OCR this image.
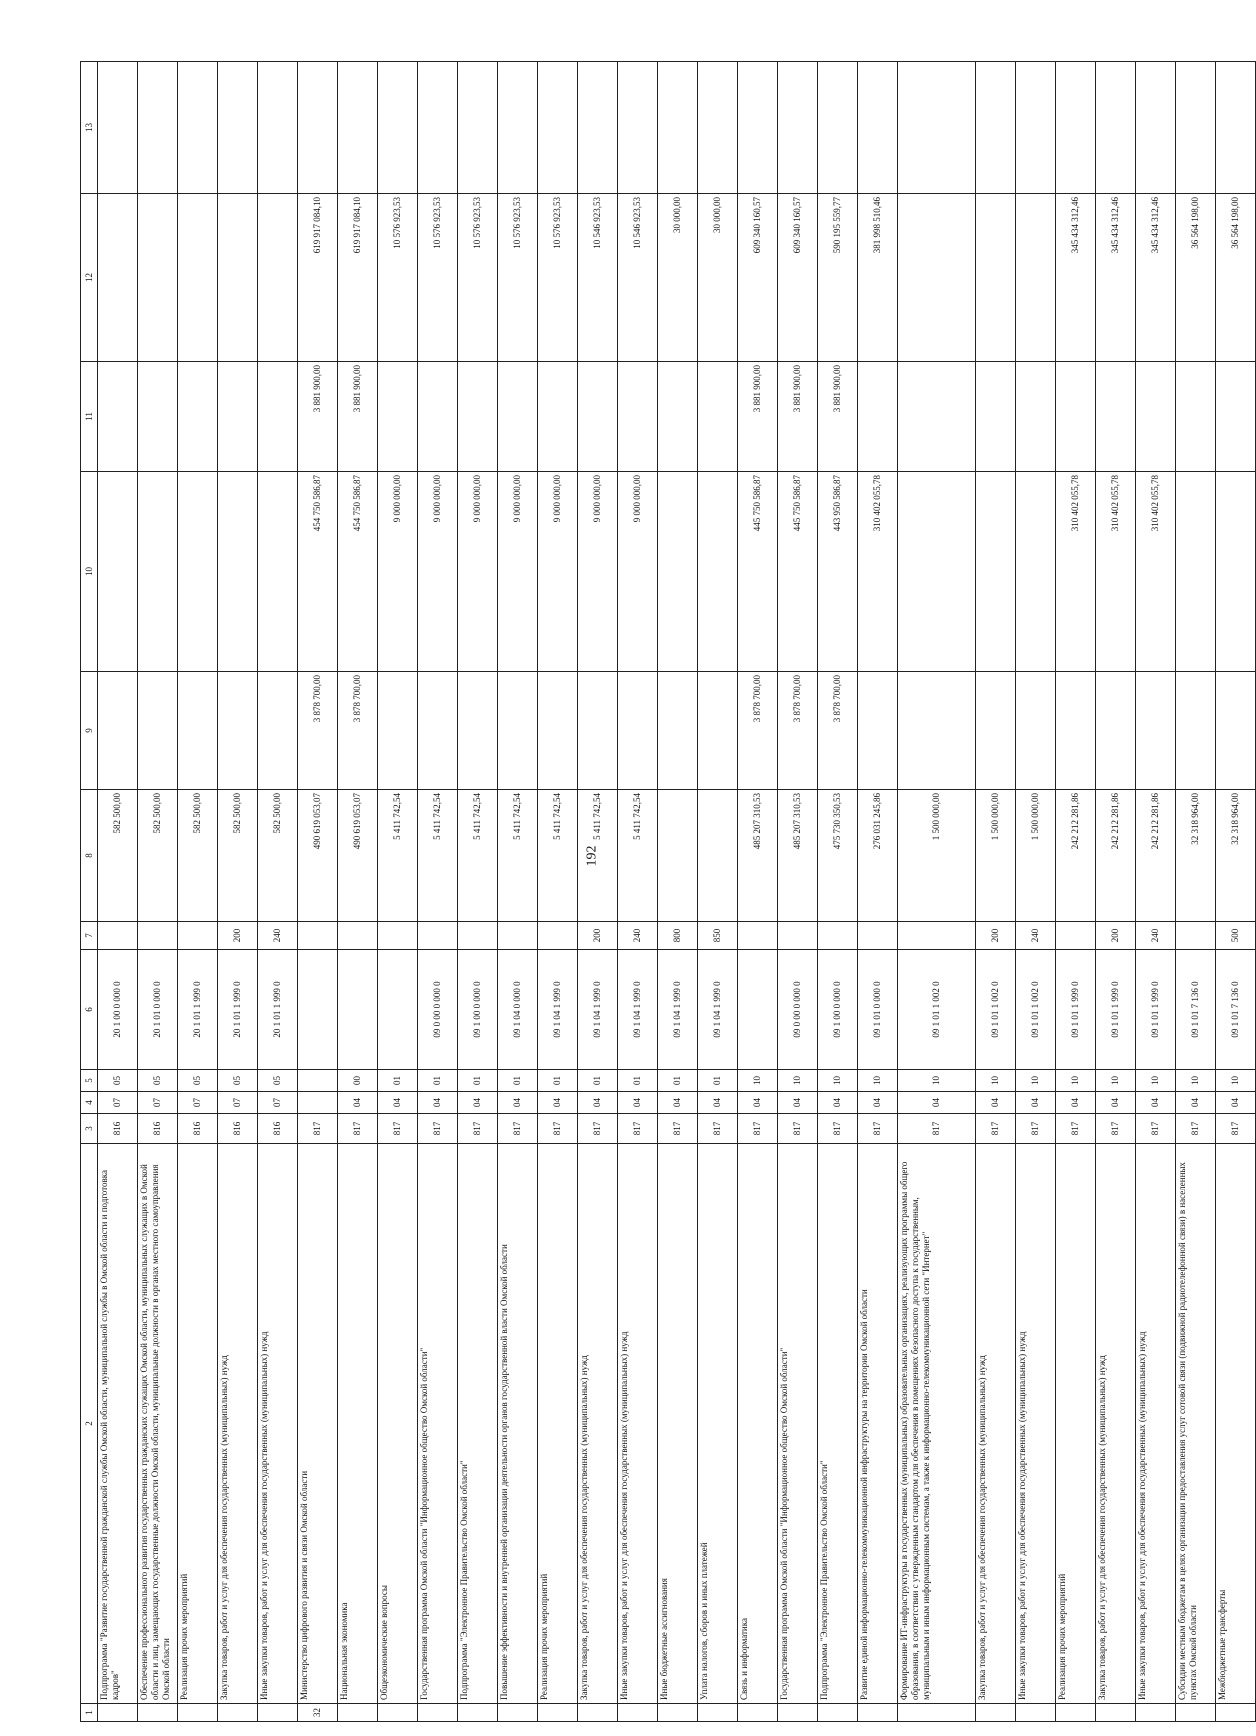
192
1	2	3	4	5	6	7	8	9	10	11	12	13
	Подпрограмма "Развитие государственной гражданской службы Омской области, муниципальной службы в Омской области и подготовка кадров"	816	07	05	20 1 00 0 000 0		582 500,00					
	Обеспечение профессионального развития государственных гражданских служащих Омской области, муниципальных служащих в Омской области и лиц, замещающих государственные должности Омской области, муниципальные должности в органах местного самоуправления Омской области	816	07	05	20 1 01 0 000 0		582 500,00					
	Реализация прочих мероприятий	816	07	05	20 1 01 1 999 0		582 500,00					
	Закупка товаров, работ и услуг для обеспечения государственных (муниципальных) нужд	816	07	05	20 1 01 1 999 0	200	582 500,00					
	Иные закупки товаров, работ и услуг для обеспечения государственных (муниципальных) нужд	816	07	05	20 1 01 1 999 0	240	582 500,00					
32	Министерство цифрового развития и связи Омской области	817					490 619 053,07	3 878 700,00	454 750 586,87	3 881 900,00	619 917 084,10	
	Национальная экономика	817	04	00			490 619 053,07	3 878 700,00	454 750 586,87	3 881 900,00	619 917 084,10	
	Общеэкономические вопросы	817	04	01			5 411 742,54		9 000 000,00		10 576 923,53	
	Государственная программа Омской области "Информационное общество Омской области"	817	04	01	09 0 00 0 000 0		5 411 742,54		9 000 000,00		10 576 923,53	
	Подпрограмма "Электронное Правительство Омской области"	817	04	01	09 1 00 0 000 0		5 411 742,54		9 000 000,00		10 576 923,53	
	Повышение эффективности и внутренней организации деятельности органов государственной власти Омской области	817	04	01	09 1 04 0 000 0		5 411 742,54		9 000 000,00		10 576 923,53	
	Реализация прочих мероприятий	817	04	01	09 1 04 1 999 0		5 411 742,54		9 000 000,00		10 576 923,53	
	Закупка товаров, работ и услуг для обеспечения государственных (муниципальных) нужд	817	04	01	09 1 04 1 999 0	200	5 411 742,54		9 000 000,00		10 546 923,53	
	Иные закупки товаров, работ и услуг для обеспечения государственных (муниципальных) нужд	817	04	01	09 1 04 1 999 0	240	5 411 742,54		9 000 000,00		10 546 923,53	
	Иные бюджетные ассигнования	817	04	01	09 1 04 1 999 0	800					30 000,00	
	Уплата налогов, сборов и иных платежей	817	04	01	09 1 04 1 999 0	850					30 000,00	
	Связь и информатика	817	04	10			485 207 310,53	3 878 700,00	445 750 586,87	3 881 900,00	609 340 160,57	
	Государственная программа Омской области "Информационное общество Омской области"	817	04	10	09 0 00 0 000 0		485 207 310,53	3 878 700,00	445 750 586,87	3 881 900,00	609 340 160,57	
	Подпрограмма "Электронное Правительство Омской области"	817	04	10	09 1 00 0 000 0		475 730 350,53	3 878 700,00	443 950 586,87	3 881 900,00	590 195 559,77	
	Развитие единой информационно-телекоммуникационной инфраструктуры на территории Омской области	817	04	10	09 1 01 0 000 0		276 031 245,86		310 402 055,78		381 998 510,46	
	Формирование ИТ-инфраструктуры в государственных (муниципальных) образовательных организациях, реализующих программы общего образования, в соответствии с утвержденным стандартом для обеспечения в помещениях безопасного доступа к государственным, муниципальным и иным информационным системам, а также к информационно-телекоммуникационной сети "Интернет"	817	04	10	09 1 01 1 002 0		1 500 000,00					
	Закупка товаров, работ и услуг для обеспечения государственных (муниципальных) нужд	817	04	10	09 1 01 1 002 0	200	1 500 000,00					
	Иные закупки товаров, работ и услуг для обеспечения государственных (муниципальных) нужд	817	04	10	09 1 01 1 002 0	240	1 500 000,00					
	Реализация прочих мероприятий	817	04	10	09 1 01 1 999 0		242 212 281,86		310 402 055,78		345 434 312,46	
	Закупка товаров, работ и услуг для обеспечения государственных (муниципальных) нужд	817	04	10	09 1 01 1 999 0	200	242 212 281,86		310 402 055,78		345 434 312,46	
	Иные закупки товаров, работ и услуг для обеспечения государственных (муниципальных) нужд	817	04	10	09 1 01 1 999 0	240	242 212 281,86		310 402 055,78		345 434 312,46	
	Субсидии местным бюджетам в целях организации предоставления услуг сотовой связи (подвижной радиотелефонной связи) в населенных пунктах Омской области	817	04	10	09 1 01 7 136 0		32 318 964,00				36 564 198,00	
	Межбюджетные трансферты	817	04	10	09 1 01 7 136 0	500	32 318 964,00				36 564 198,00	
